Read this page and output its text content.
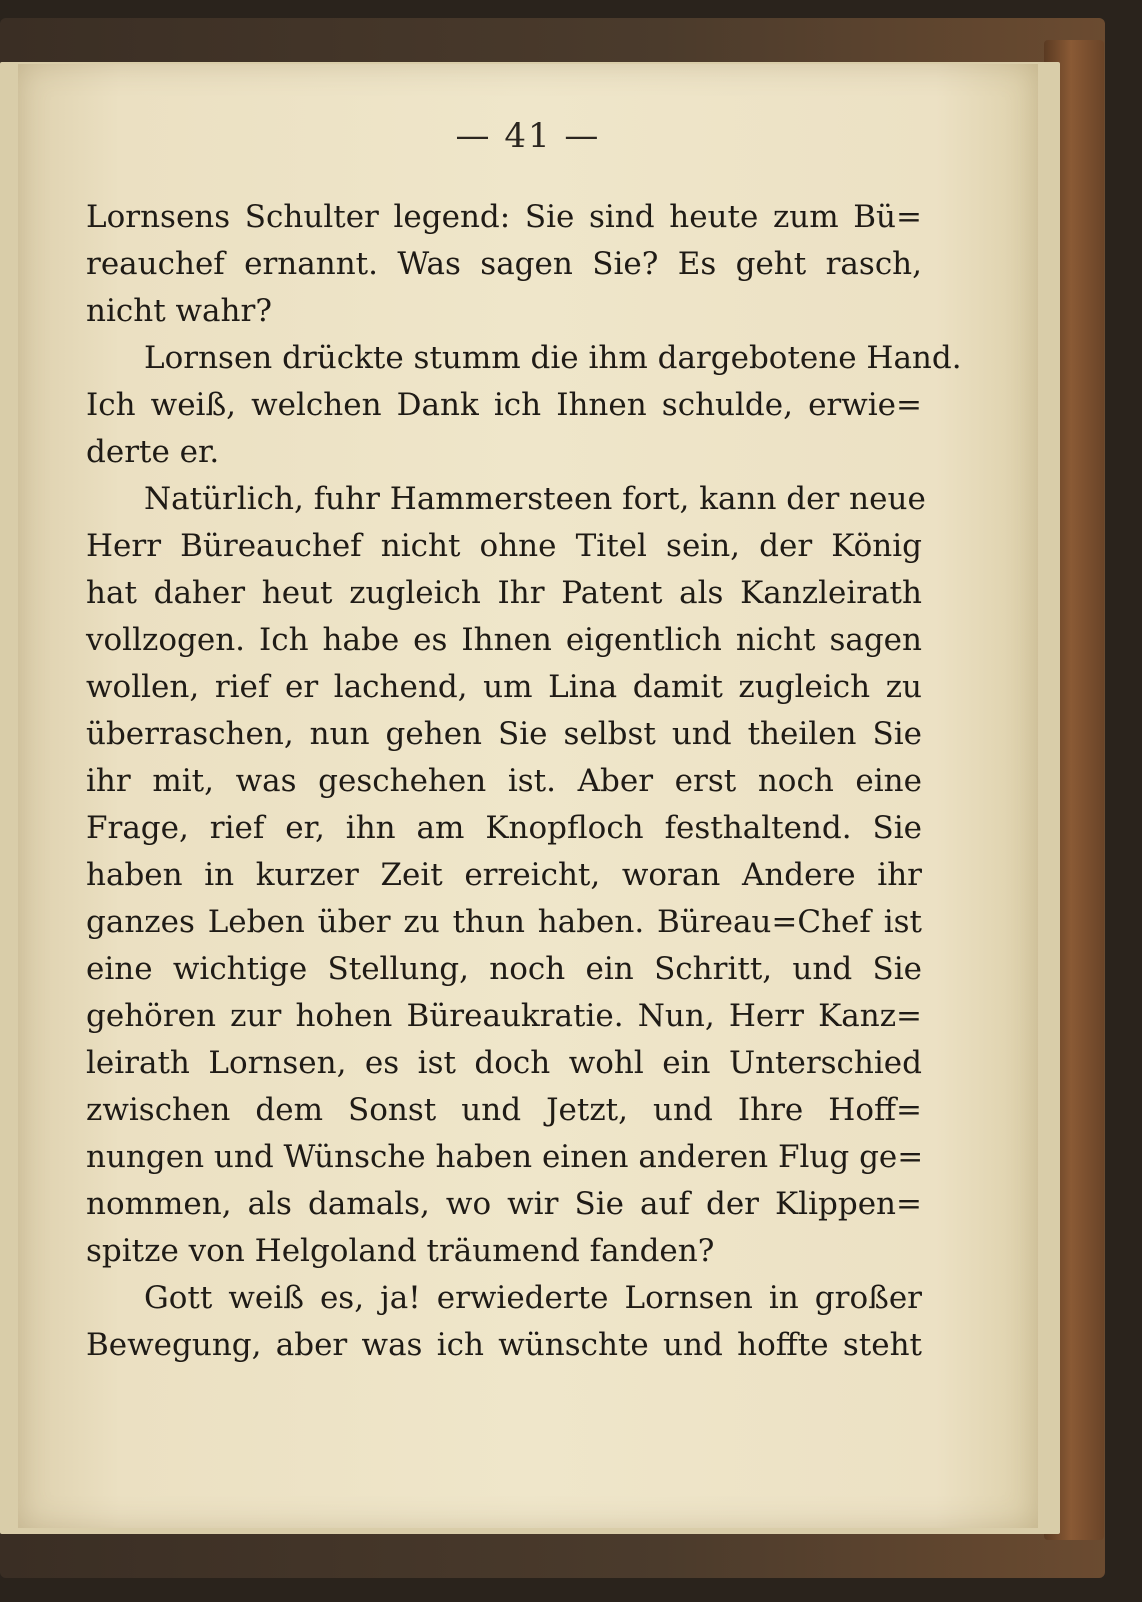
— 41 —
Lornsens Schulter legend: Sie sind heute zum Bü=
reauchef ernannt. Was sagen Sie? Es geht rasch,
nicht wahr?
Lornsen drückte stumm die ihm dargebotene Hand.
Ich weiß, welchen Dank ich Ihnen schulde, erwie=
derte er.
Natürlich, fuhr Hammersteen fort, kann der neue
Herr Büreauchef nicht ohne Titel sein, der König
hat daher heut zugleich Ihr Patent als Kanzleirath
vollzogen. Ich habe es Ihnen eigentlich nicht sagen
wollen, rief er lachend, um Lina damit zugleich zu
überraschen, nun gehen Sie selbst und theilen Sie
ihr mit, was geschehen ist. Aber erst noch eine
Frage, rief er, ihn am Knopfloch festhaltend. Sie
haben in kurzer Zeit erreicht, woran Andere ihr
ganzes Leben über zu thun haben. Büreau=Chef ist
eine wichtige Stellung, noch ein Schritt, und Sie
gehören zur hohen Büreaukratie. Nun, Herr Kanz=
leirath Lornsen, es ist doch wohl ein Unterschied
zwischen dem Sonst und Jetzt, und Ihre Hoff=
nungen und Wünsche haben einen anderen Flug ge=
nommen, als damals, wo wir Sie auf der Klippen=
spitze von Helgoland träumend fanden?
Gott weiß es, ja! erwiederte Lornsen in großer
Bewegung, aber was ich wünschte und hoffte steht
